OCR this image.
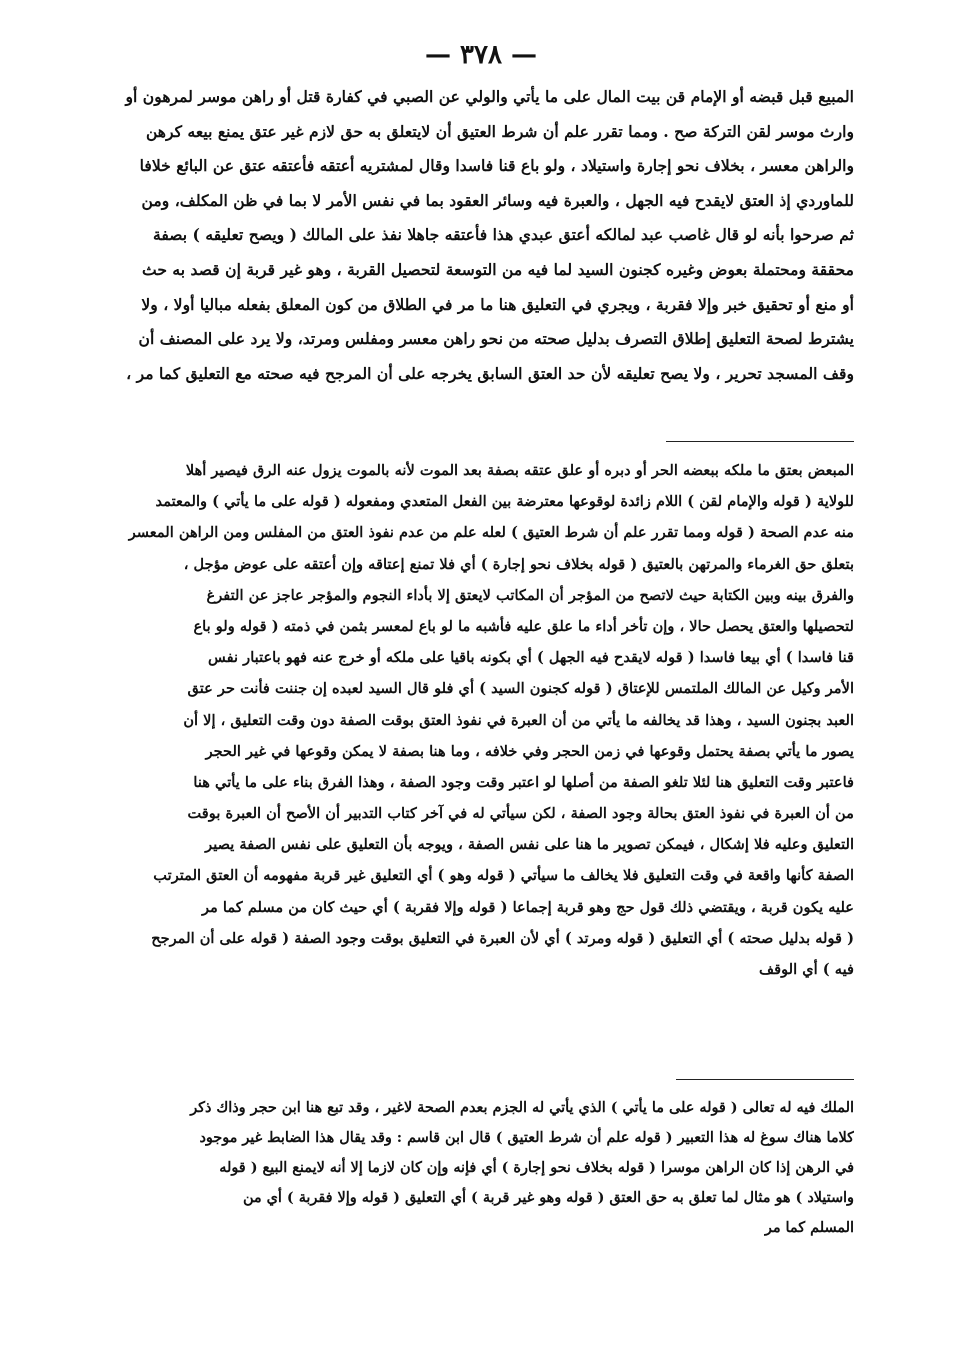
— ٣٧٨ —
المبيع قبل قبضه أو الإمام قن بيت المال على ما يأتي والولي عن الصبي في كفارة قتل أو راهن موسر لمرهون أو
وارث موسر لقن التركة صح . ومما تقرر علم أن شرط العتيق أن لايتعلق به حق لازم غير عتق يمنع بيعه كرهن
والراهن معسر ، بخلاف نحو إجارة واستيلاد ، ولو باع قنا فاسدا وقال لمشتريه أعتقه فأعتقه عتق عن البائع خلافا
للماوردي إذ العتق لايقدح فيه الجهل ، والعبرة فيه وسائر العقود بما في نفس الأمر لا بما في ظن المكلف، ومن
ثم صرحوا بأنه لو قال غاصب عبد لمالكه أعتق عبدي هذا فأعتقه جاهلا نفذ على المالك ( ويصح تعليقه ) بصفة
محققة ومحتملة بعوض وغيره كجنون السيد لما فيه من التوسعة لتحصيل القربة ، وهو غير قربة إن قصد به حث
أو منع أو تحقيق خبر وإلا فقربة ، ويجري في التعليق هنا ما مر في الطلاق من كون المعلق بفعله مباليا أولا ، ولا
يشترط لصحة التعليق إطلاق التصرف بدليل صحته من نحو راهن معسر ومفلس ومرتد، ولا يرد على المصنف أن
وقف المسجد تحرير ، ولا يصح تعليقه لأن حد العتق السابق يخرجه على أن المرجح فيه صحته مع التعليق كما مر ،
المبعض بعتق ما ملكه ببعضه الحر أو دبره أو علق عتقه بصفة بعد الموت لأنه بالموت يزول عنه الرق فيصير أهلا
للولاية ( قوله والإمام لقن ) اللام زائدة لوقوعها معترضة بين الفعل المتعدي ومفعوله ( قوله على ما يأتي ) والمعتمد
منه عدم الصحة ( قوله ومما تقرر علم أن شرط العتيق ) لعله علم من عدم نفوذ العتق من المفلس ومن الراهن المعسر
بتعلق حق الغرماء والمرتهن بالعتيق ( قوله بخلاف نحو إجارة ) أي فلا تمنع إعتاقه وإن أعتقه على عوض مؤجل ،
والفرق بينه وبين الكتابة حيث لاتصح من المؤجر أن المكاتب لايعتق إلا بأداء النجوم والمؤجر عاجز عن التفرغ
لتحصيلها والعتق يحصل حالا ، وإن تأخر أداء ما علق عليه فأشبه ما لو باع لمعسر بثمن في ذمته ( قوله ولو باع
قنا فاسدا ) أي بيعا فاسدا ( قوله لايقدح فيه الجهل ) أي بكونه باقيا على ملكه أو خرج عنه فهو باعتبار نفس
الأمر وكيل عن المالك الملتمس للإعتاق ( قوله كجنون السيد ) أي فلو قال السيد لعبده إن جننت فأنت حر عتق
العبد بجنون السيد ، وهذا قد يخالفه ما يأتي من أن العبرة في نفوذ العتق بوقت الصفة دون وقت التعليق ، إلا أن
يصور ما يأتي بصفة يحتمل وقوعها في زمن الحجر وفي خلافه ، وما هنا بصفة لا يمكن وقوعها في غير الحجر
فاعتبر وقت التعليق هنا لئلا تلغو الصفة من أصلها لو اعتبر وقت وجود الصفة ، وهذا الفرق بناء على ما يأتي هنا
من أن العبرة في نفوذ العتق بحالة وجود الصفة ، لكن سيأتي له في آخر كتاب التدبير أن الأصح أن العبرة بوقت
التعليق وعليه فلا إشكال ، فيمكن تصوير ما هنا على نفس الصفة ، ويوجه بأن التعليق على نفس الصفة يصير
الصفة كأنها واقعة في وقت التعليق فلا يخالف ما سيأتي ( قوله وهو ) أي التعليق غير قربة مفهومه أن العتق المترتب
عليه يكون قربة ، ويقتضي ذلك قول حج وهو قربة إجماعا ( قوله وإلا فقربة ) أي حيث كان من مسلم كما مر
( قوله بدليل صحته ) أي التعليق ( قوله ومرتد ) أي لأن العبرة في التعليق بوقت وجود الصفة ( قوله على أن المرجح
فيه ) أي الوقف
الملك فيه له تعالى ( قوله على ما يأتي ) الذي يأتي له الجزم بعدم الصحة لاغير ، وقد تبع هنا ابن حجر وذاك ذكر
كلاما هناك سوغ له هذا التعبير ( قوله علم أن شرط العتيق ) قال ابن قاسم : وقد يقال هذا الضابط غير موجود
في الرهن إذا كان الراهن موسرا ( قوله بخلاف نحو إجارة ) أي فإنه وإن كان لازما إلا أنه لايمنع البيع ( قوله
واستيلاد ) هو مثال لما تعلق به حق العتق ( قوله وهو غير قربة ) أي التعليق ( قوله وإلا فقربة ) أي من
المسلم كما مر
